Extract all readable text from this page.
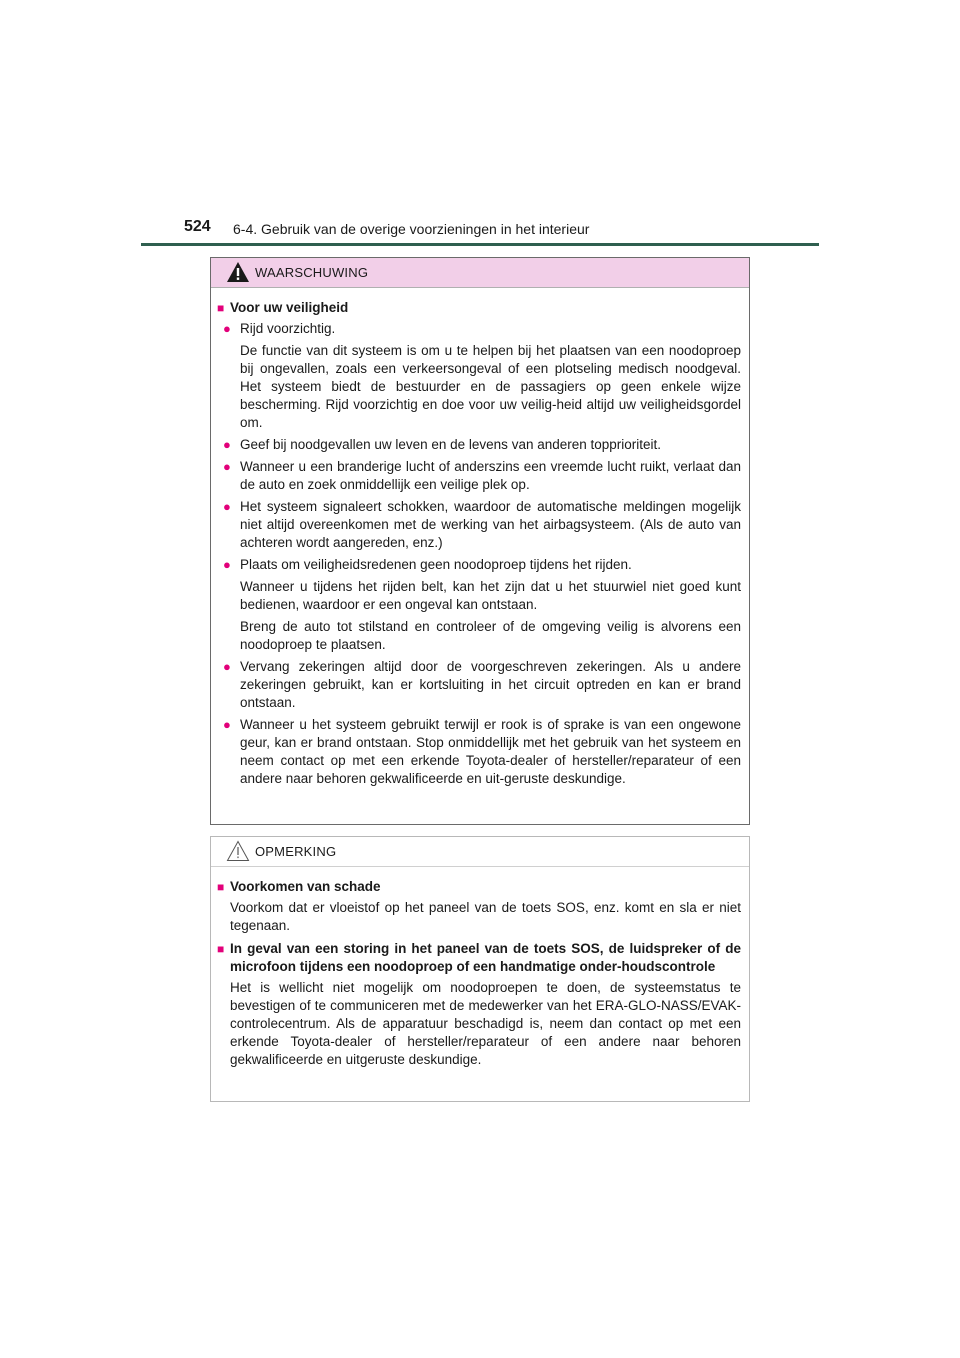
524 6-4. Gebruik van de overige voorzieningen in het interieur
WAARSCHUWING
■ Voor uw veiligheid
● Rijd voorzichtig.
De functie van dit systeem is om u te helpen bij het plaatsen van een noodoproep bij ongevallen, zoals een verkeersongeval of een plotseling medisch noodgeval. Het systeem biedt de bestuurder en de passagiers op geen enkele wijze bescherming. Rijd voorzichtig en doe voor uw veilig-heid altijd uw veiligheidsgordel om.
● Geef bij noodgevallen uw leven en de levens van anderen topprioriteit.
● Wanneer u een branderige lucht of anderszins een vreemde lucht ruikt, verlaat dan de auto en zoek onmiddellijk een veilige plek op.
● Het systeem signaleert schokken, waardoor de automatische meldingen mogelijk niet altijd overeenkomen met de werking van het airbagsysteem. (Als de auto van achteren wordt aangereden, enz.)
● Plaats om veiligheidsredenen geen noodoproep tijdens het rijden.
Wanneer u tijdens het rijden belt, kan het zijn dat u het stuurwiel niet goed kunt bedienen, waardoor er een ongeval kan ontstaan.
Breng de auto tot stilstand en controleer of de omgeving veilig is alvorens een noodoproep te plaatsen.
● Vervang zekeringen altijd door de voorgeschreven zekeringen. Als u andere zekeringen gebruikt, kan er kortsluiting in het circuit optreden en kan er brand ontstaan.
● Wanneer u het systeem gebruikt terwijl er rook is of sprake is van een ongewone geur, kan er brand ontstaan. Stop onmiddellijk met het gebruik van het systeem en neem contact op met een erkende Toyota-dealer of hersteller/reparateur of een andere naar behoren gekwalificeerde en uit-geruste deskundige.
OPMERKING
■ Voorkomen van schade
Voorkom dat er vloeistof op het paneel van de toets SOS, enz. komt en sla er niet tegenaan.
■ In geval van een storing in het paneel van de toets SOS, de luidspreker of de microfoon tijdens een noodoproep of een handmatige onder-houdscontrole
Het is wellicht niet mogelijk om noodoproepen te doen, de systeemstatus te bevestigen of te communiceren met de medewerker van het ERA-GLO-NASS/EVAK-controlecentrum. Als de apparatuur beschadigd is, neem dan contact op met een erkende Toyota-dealer of hersteller/reparateur of een andere naar behoren gekwalificeerde en uitgeruste deskundige.
